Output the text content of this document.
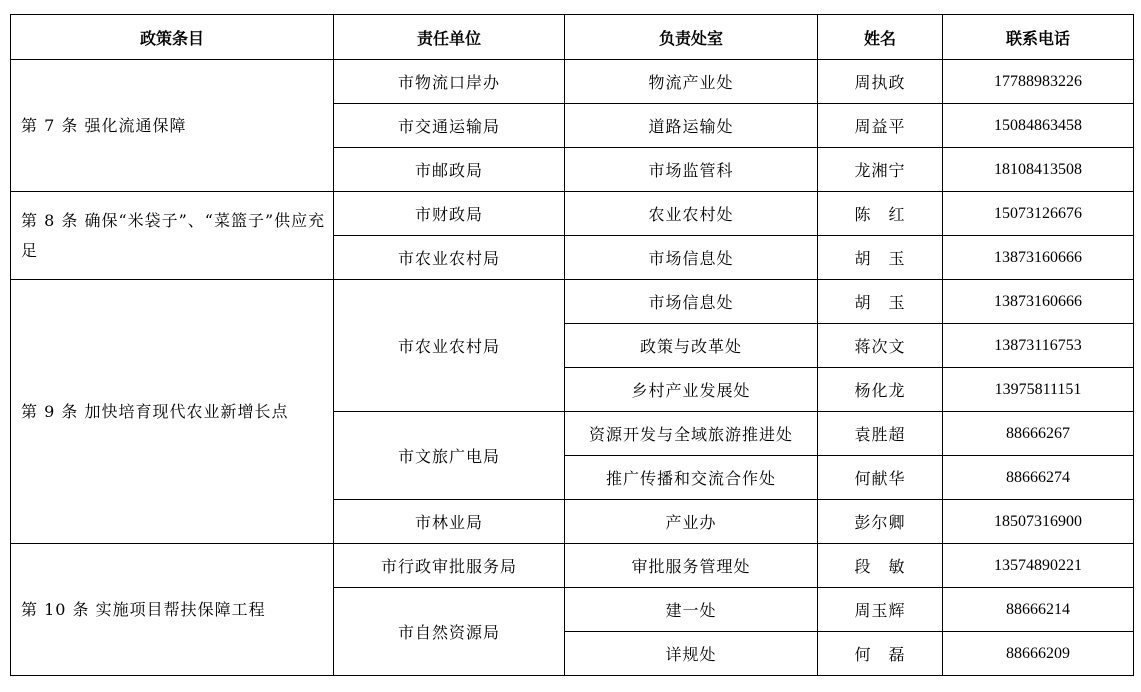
政策条目	责任单位	负责处室	姓名	联系电话
第 7 条 强化流通保障	市物流口岸办	物流产业处	周执政	17788983226
	市交通运输局	道路运输处	周益平	15084863458
	市邮政局	市场监管科	龙湘宁	18108413508
第 8 条 确保“米袋子”、“菜篮子”供应充足	市财政局	农业农村处	陈　红	15073126676
	市农业农村局	市场信息处	胡　玉	13873160666
第 9 条 加快培育现代农业新增长点	市农业农村局	市场信息处	胡　玉	13873160666
		政策与改革处	蒋次文	13873116753
		乡村产业发展处	杨化龙	13975811151
	市文旅广电局	资源开发与全域旅游推进处	袁胜超	88666267
		推广传播和交流合作处	何献华	88666274
	市林业局	产业办	彭尔卿	18507316900
第 10 条 实施项目帮扶保障工程	市行政审批服务局	审批服务管理处	段　敏	13574890221
	市自然资源局	建一处	周玉辉	88666214
		详规处	何　磊	88666209
